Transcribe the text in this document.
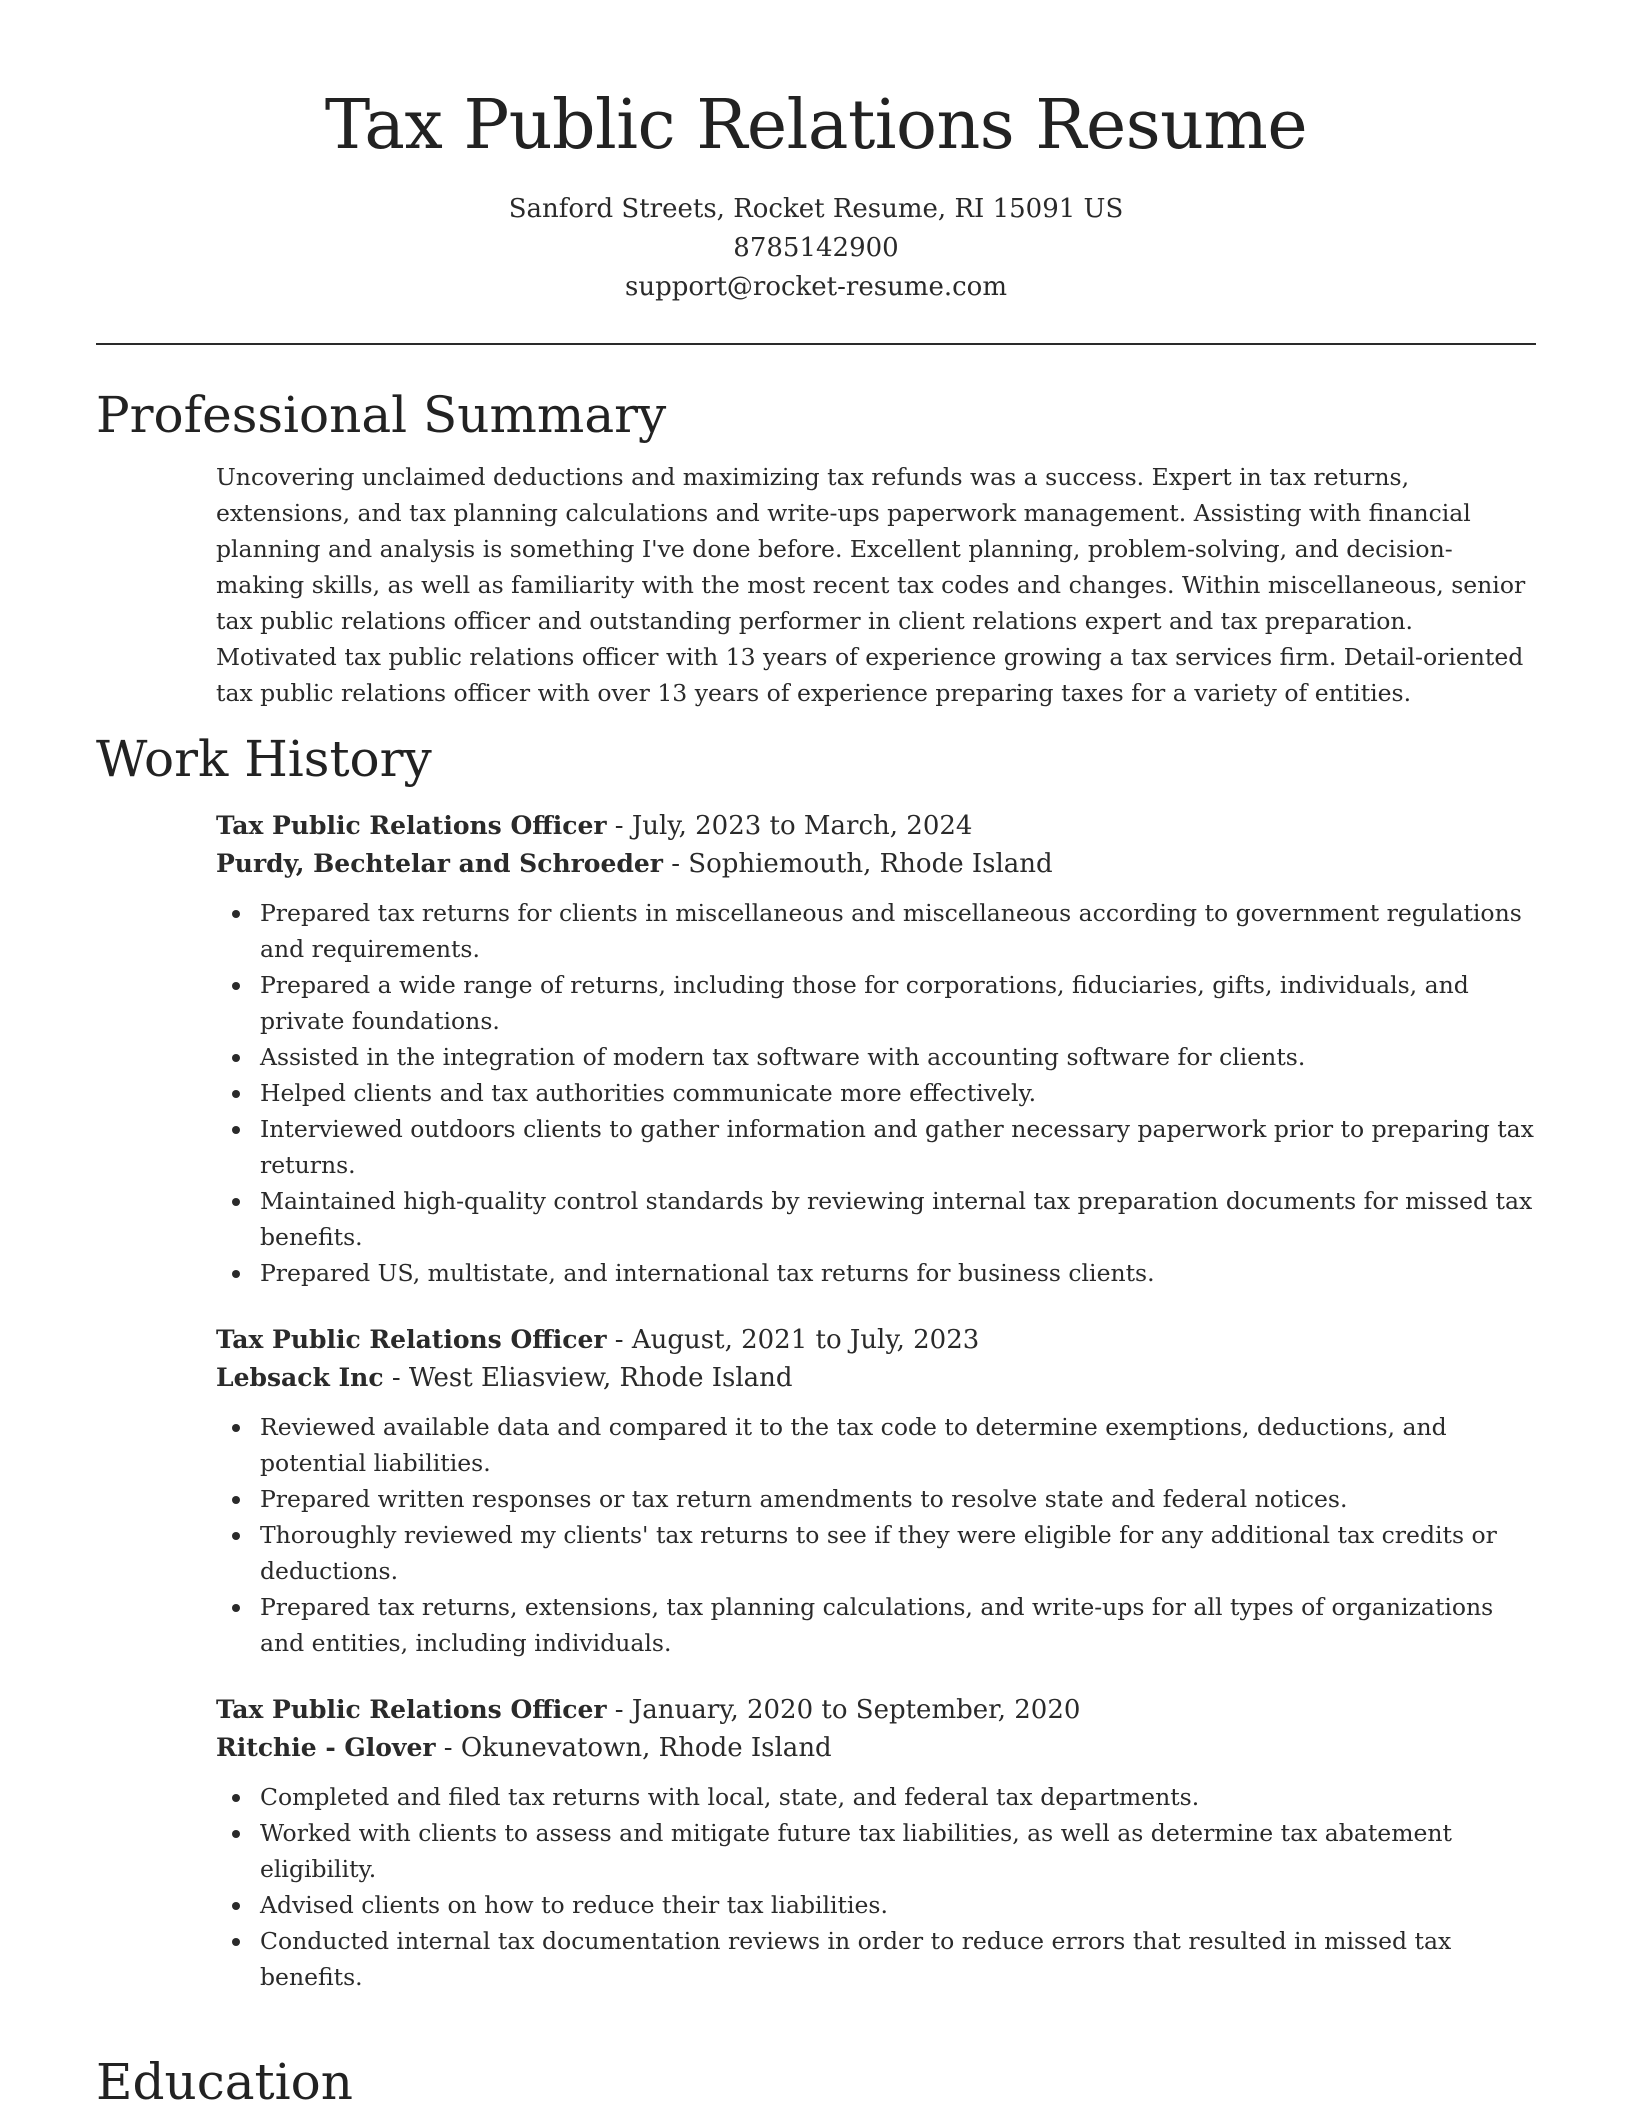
Tax Public Relations Resume
Sanford Streets, Rocket Resume, RI 15091 US
8785142900
support@rocket-resume.com
Professional Summary

Uncovering unclaimed deductions and maximizing tax refunds was a success. Expert in tax returns, extensions, and tax planning calculations and write-ups paperwork management. Assisting with financial planning and analysis is something I've done before. Excellent planning, problem-solving, and decision-making skills, as well as familiarity with the most recent tax codes and changes. Within miscellaneous, senior tax public relations officer and outstanding performer in client relations expert and tax preparation. Motivated tax public relations officer with 13 years of experience growing a tax services firm. Detail-oriented tax public relations officer with over 13 years of experience preparing taxes for a variety of entities.

Work History
Tax Public Relations Officer - July, 2023 to March, 2024
Purdy, Bechtelar and Schroeder - Sophiemouth, Rhode Island
Prepared tax returns for clients in miscellaneous and miscellaneous according to government regulations and requirements.
Prepared a wide range of returns, including those for corporations, fiduciaries, gifts, individuals, and private foundations.
Assisted in the integration of modern tax software with accounting software for clients.
Helped clients and tax authorities communicate more effectively.
Interviewed outdoors clients to gather information and gather necessary paperwork prior to preparing tax returns.
Maintained high-quality control standards by reviewing internal tax preparation documents for missed tax benefits.
Prepared US, multistate, and international tax returns for business clients.
Tax Public Relations Officer - August, 2021 to July, 2023
Lebsack Inc - West Eliasview, Rhode Island
Reviewed available data and compared it to the tax code to determine exemptions, deductions, and potential liabilities.
Prepared written responses or tax return amendments to resolve state and federal notices.
Thoroughly reviewed my clients' tax returns to see if they were eligible for any additional tax credits or deductions.
Prepared tax returns, extensions, tax planning calculations, and write-ups for all types of organizations and entities, including individuals.
Tax Public Relations Officer - January, 2020 to September, 2020
Ritchie - Glover - Okunevatown, Rhode Island
Completed and filed tax returns with local, state, and federal tax departments.
Worked with clients to assess and mitigate future tax liabilities, as well as determine tax abatement eligibility.
Advised clients on how to reduce their tax liabilities.
Conducted internal tax documentation reviews in order to reduce errors that resulted in missed tax benefits.
Education
